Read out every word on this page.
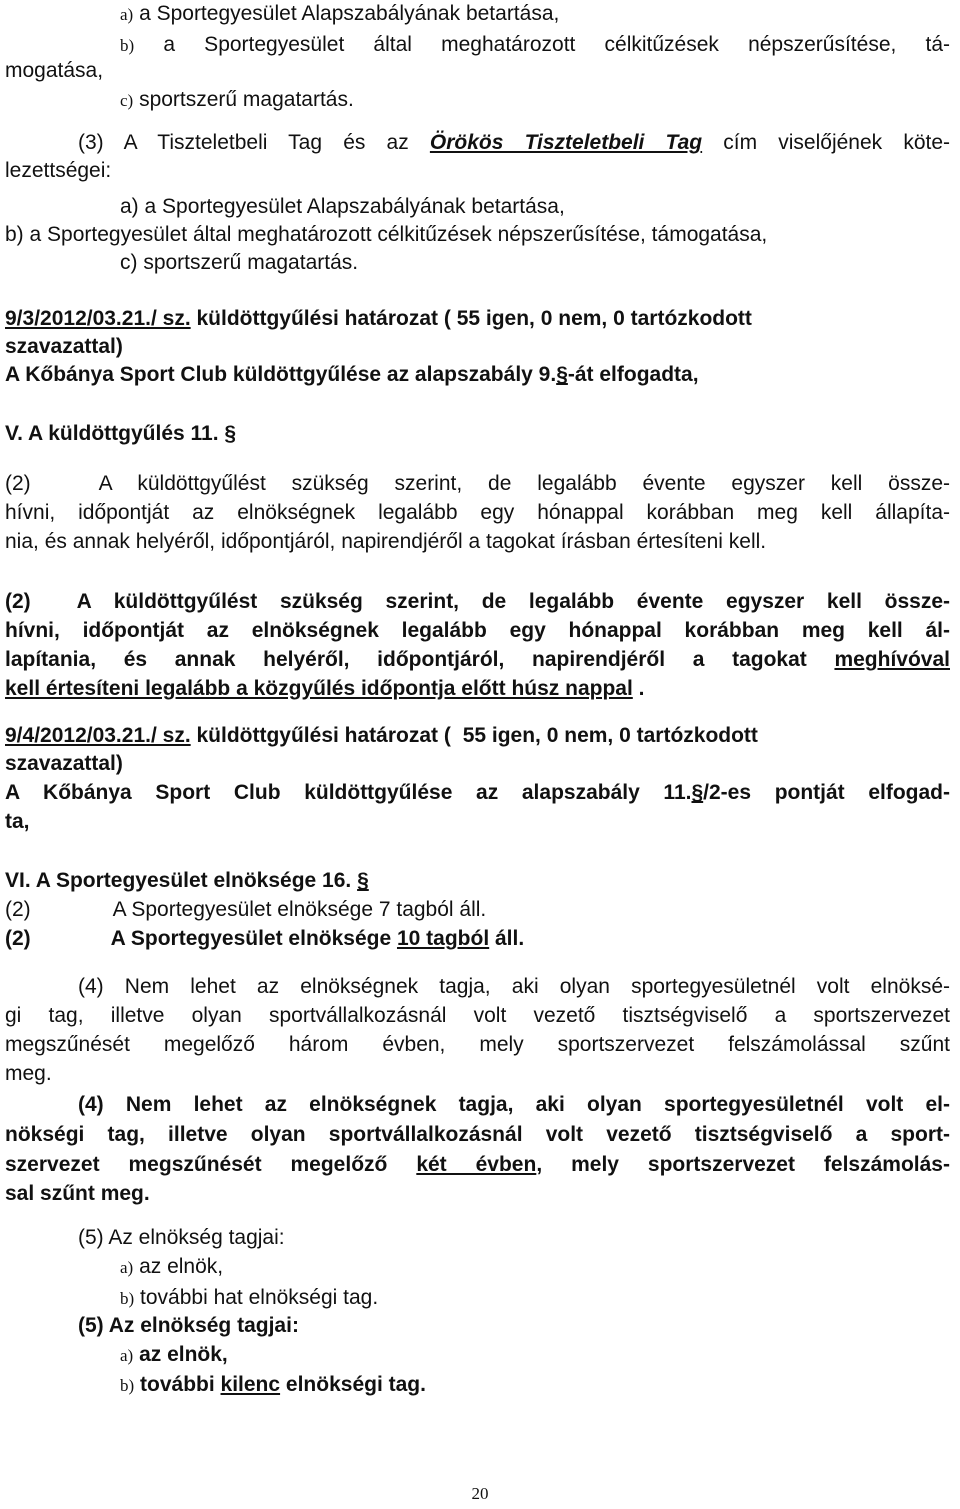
a) a Sportegyesület Alapszabályának betartása,
b) a Sportegyesület által meghatározott célkitűzések népszerűsítése, tá-
mogatása,
c) sportszerű magatartás.
(3) A Tiszteletbeli Tag és az Örökös Tiszteletbeli Tag cím viselőjének köte-
lezettségei:
a) a Sportegyesület Alapszabályának betartása,
b) a Sportegyesület által meghatározott célkitűzések népszerűsítése, támogatása,
c) sportszerű magatartás.
9/3/2012/03.21./ sz. küldöttgyűlési határozat ( 55 igen, 0 nem, 0 tartózkodott
szavazattal)
A Kőbánya Sport Club küldöttgyűlése az alapszabály 9.§-át elfogadta,
V. A küldöttgyűlés 11. §
(2)	A küldöttgyűlést szükség szerint, de legalább évente egyszer kell össze-
hívni, időpontját az elnökségnek legalább egy hónappal korábban meg kell állapíta-
nia, és annak helyéről, időpontjáról, napirendjéről a tagokat írásban értesíteni kell.
(2) A küldöttgyűlést szükség szerint, de legalább évente egyszer kell össze-
hívni, időpontját az elnökségnek legalább egy hónappal korábban meg kell ál-
lapítania, és annak helyéről, időpontjáról, napirendjéről a tagokat meghívóval
kell értesíteni legalább a közgyűlés időpontja előtt húsz nappal .
9/4/2012/03.21./ sz. küldöttgyűlési határozat ( 55 igen, 0 nem, 0 tartózkodott
szavazattal)
A Kőbánya Sport Club küldöttgyűlése az alapszabály 11.§/2-es pontját elfogad-
ta,
VI. A Sportegyesület elnöksége 16. §
(2)	A Sportegyesület elnöksége 7 tagból áll.
(2)	A Sportegyesület elnöksége 10 tagból áll.
(4) Nem lehet az elnökségnek tagja, aki olyan sportegyesületnél volt elnöksé-
gi tag, illetve olyan sportvállalkozásnál volt vezető tisztségviselő a sportszervezet
megszűnését megelőző három évben, mely sportszervezet felszámolással szűnt
meg.
(4) Nem lehet az elnökségnek tagja, aki olyan sportegyesületnél volt el-
nökségi tag, illetve olyan sportvállalkozásnál volt vezető tisztségviselő a sport-
szervezet megszűnését megelőző két évben, mely sportszervezet felszámolás-
sal szűnt meg.
(5) Az elnökség tagjai:
a) az elnök,
b) további hat elnökségi tag.
(5) Az elnökség tagjai:
a) az elnök,
b) további kilenc elnökségi tag.
20
